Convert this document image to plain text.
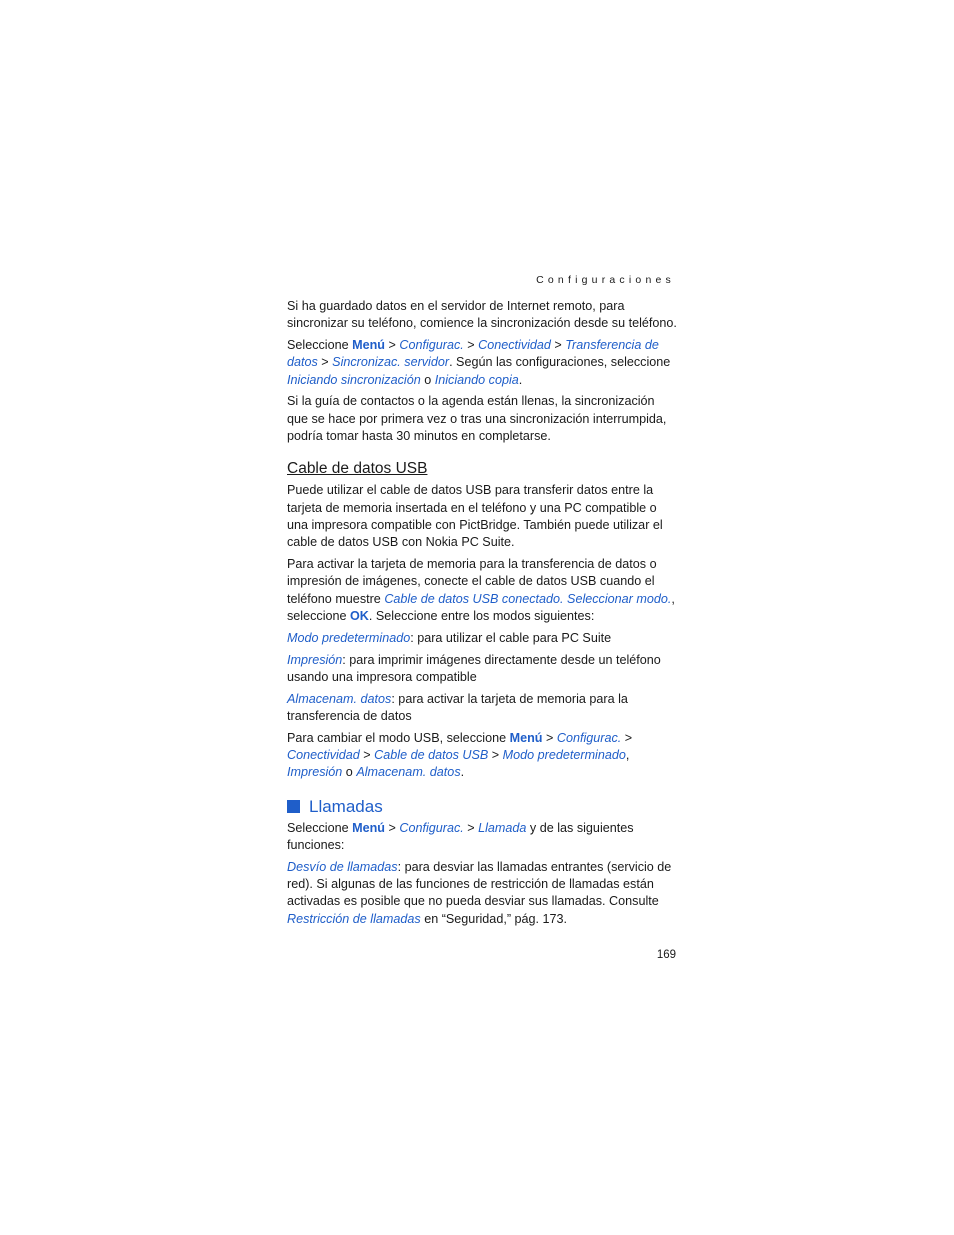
Configuraciones

Si ha guardado datos en el servidor de Internet remoto, para sincronizar su teléfono, comience la sincronización desde su teléfono.

Seleccione Menú > Configurac. > Conectividad > Transferencia de datos > Sincronizac. servidor. Según las configuraciones, seleccione Iniciando sincronización o Iniciando copia.

Si la guía de contactos o la agenda están llenas, la sincronización que se hace por primera vez o tras una sincronización interrumpida, podría tomar hasta 30 minutos en completarse.

Cable de datos USB

Puede utilizar el cable de datos USB para transferir datos entre la tarjeta de memoria insertada en el teléfono y una PC compatible o una impresora compatible con PictBridge. También puede utilizar el cable de datos USB con Nokia PC Suite.

Para activar la tarjeta de memoria para la transferencia de datos o impresión de imágenes, conecte el cable de datos USB cuando el teléfono muestre Cable de datos USB conectado. Seleccionar modo., seleccione OK. Seleccione entre los modos siguientes:

Modo predeterminado: para utilizar el cable para PC Suite

Impresión: para imprimir imágenes directamente desde un teléfono usando una impresora compatible

Almacenam. datos: para activar la tarjeta de memoria para la transferencia de datos

Para cambiar el modo USB, seleccione Menú > Configurac. > Conectividad > Cable de datos USB > Modo predeterminado, Impresión o Almacenam. datos.

Llamadas

Seleccione Menú > Configurac. > Llamada y de las siguientes funciones:

Desvío de llamadas: para desviar las llamadas entrantes (servicio de red). Si algunas de las funciones de restricción de llamadas están activadas es posible que no pueda desviar sus llamadas. Consulte Restricción de llamadas en “Seguridad,” pág. 173.

169
